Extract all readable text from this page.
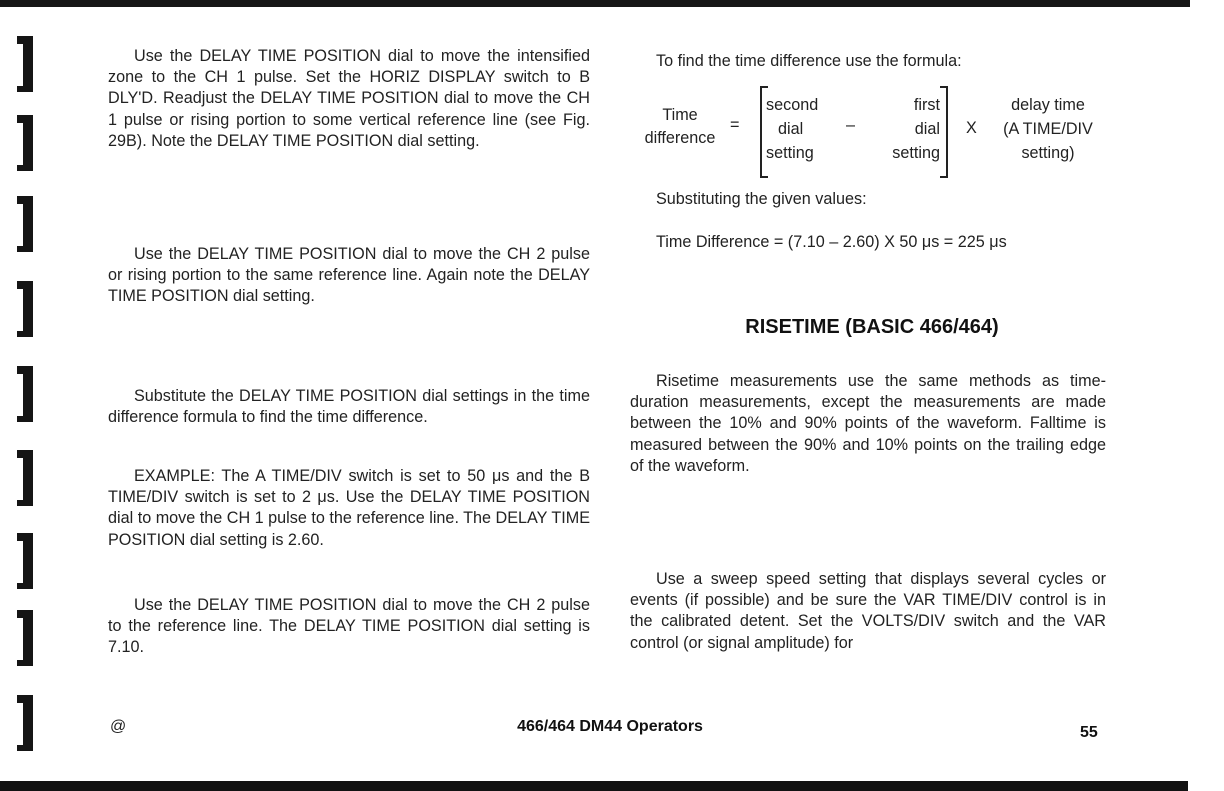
Use the DELAY TIME POSITION dial to move the intensified zone to the CH 1 pulse. Set the HORIZ DISPLAY switch to B DLY'D. Readjust the DELAY TIME POSITION dial to move the CH 1 pulse or rising portion to some vertical reference line (see Fig. 29B). Note the DELAY TIME POSITION dial setting.

Use the DELAY TIME POSITION dial to move the CH 2 pulse or rising portion to the same reference line. Again note the DELAY TIME POSITION dial setting.

Substitute the DELAY TIME POSITION dial settings in the time difference formula to find the time difference.

EXAMPLE: The A TIME/DIV switch is set to 50 μs and the B TIME/DIV switch is set to 2 μs. Use the DELAY TIME POSITION dial to move the CH 1 pulse to the reference line. The DELAY TIME POSITION dial setting is 2.60.

Use the DELAY TIME POSITION dial to move the CH 2 pulse to the reference line. The DELAY TIME POSITION dial setting is 7.10.

To find the time difference use the formula:

Time
difference
=
second
dial
setting
–
first
dial
setting
X
delay time
(A TIME/DIV
setting)

Substituting the given values:

Time Difference = (7.10 – 2.60) X 50 μs = 225 μs

RISETIME (BASIC 466/464)

Risetime measurements use the same methods as time-duration measurements, except the measurements are made between the 10% and 90% points of the waveform. Falltime is measured between the 90% and 10% points on the trailing edge of the waveform.

Use a sweep speed setting that displays several cycles or events (if possible) and be sure the VAR TIME/DIV control is in the calibrated detent. Set the VOLTS/DIV switch and the VAR control (or signal amplitude) for

@	466/464 DM44 Operators	55
